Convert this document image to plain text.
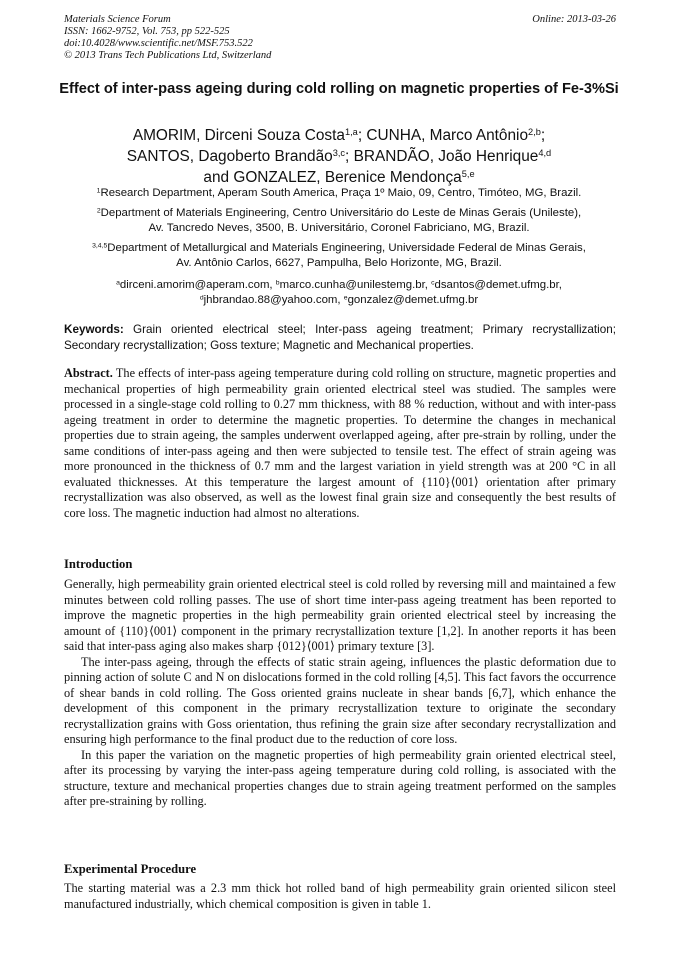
Materials Science Forum
ISSN: 1662-9752, Vol. 753, pp 522-525
doi:10.4028/www.scientific.net/MSF.753.522
© 2013 Trans Tech Publications Ltd, Switzerland
Online: 2013-03-26
Effect of inter-pass ageing during cold rolling on magnetic properties of Fe-3%Si
AMORIM, Dirceni Souza Costa$^{1,a}$; CUNHA, Marco Antônio$^{2,b}$;
SANTOS, Dagoberto Brandão$^{3,c}$; BRANDÃO, João Henrique$^{4,d}$
and GONZALEZ, Berenice Mendonça$^{5,e}$
$^1$Research Department, Aperam South America, Praça 1º Maio, 09, Centro, Timóteo, MG, Brazil.
$^2$Department of Materials Engineering, Centro Universitário do Leste de Minas Gerais (Unileste),
Av. Tancredo Neves, 3500, B. Universitário, Coronel Fabriciano, MG, Brazil.
$^{3,4,5}$Department of Metallurgical and Materials Engineering, Universidade Federal de Minas Gerais,
Av. Antônio Carlos, 6627, Pampulha, Belo Horizonte, MG, Brazil.
$^a$dirceni.amorim@aperam.com, $^b$marco.cunha@unilestemg.br, $^c$dsantos@demet.ufmg.br,
$^d$jhbrandao.88@yahoo.com, $^e$gonzalez@demet.ufmg.br
Keywords: Grain oriented electrical steel; Inter-pass ageing treatment; Primary recrystallization; Secondary recrystallization; Goss texture; Magnetic and Mechanical properties.
Abstract. The effects of inter-pass ageing temperature during cold rolling on structure, magnetic properties and mechanical properties of high permeability grain oriented electrical steel was studied. The samples were processed in a single-stage cold rolling to 0.27 mm thickness, with 88 % reduction, without and with inter-pass ageing treatment in order to determine the magnetic properties. To determine the changes in mechanical properties due to strain ageing, the samples underwent overlapped ageing, after pre-strain by rolling, under the same conditions of inter-pass ageing and then were subjected to tensile test. The effect of strain ageing was more pronounced in the thickness of 0.7 mm and the largest variation in yield strength was at 200 °C in all evaluated thicknesses. At this temperature the largest amount of {110}⟨001⟩ orientation after primary recrystallization was also observed, as well as the lowest final grain size and consequently the best results of core loss. The magnetic induction had almost no alterations.
Introduction

Generally, high permeability grain oriented electrical steel is cold rolled by reversing mill and maintained a few minutes between cold rolling passes. The use of short time inter-pass ageing treatment has been reported to improve the magnetic properties in the high permeability grain oriented electrical steel by increasing the amount of {110}⟨001⟩ component in the primary recrystallization texture [1,2]. In another reports it has been said that inter-pass aging also makes sharp {012}⟨001⟩ primary texture [3].

The inter-pass ageing, through the effects of static strain ageing, influences the plastic deformation due to pinning action of solute C and N on dislocations formed in the cold rolling [4,5]. This fact favors the occurrence of shear bands in cold rolling. The Goss oriented grains nucleate in shear bands [6,7], which enhance the development of this component in the primary recrystallization texture to originate the secondary recrystallization grains with Goss orientation, thus refining the grain size after secondary recrystallization and ensuring high performance to the final product due to the reduction of core loss.

In this paper the variation on the magnetic properties of high permeability grain oriented electrical steel, after its processing by varying the inter-pass ageing temperature during cold rolling, is associated with the structure, texture and mechanical properties changes due to strain ageing treatment performed on the samples after pre-straining by rolling.

Experimental Procedure

The starting material was a 2.3 mm thick hot rolled band of high permeability grain oriented silicon steel manufactured industrially, which chemical composition is given in table 1.
